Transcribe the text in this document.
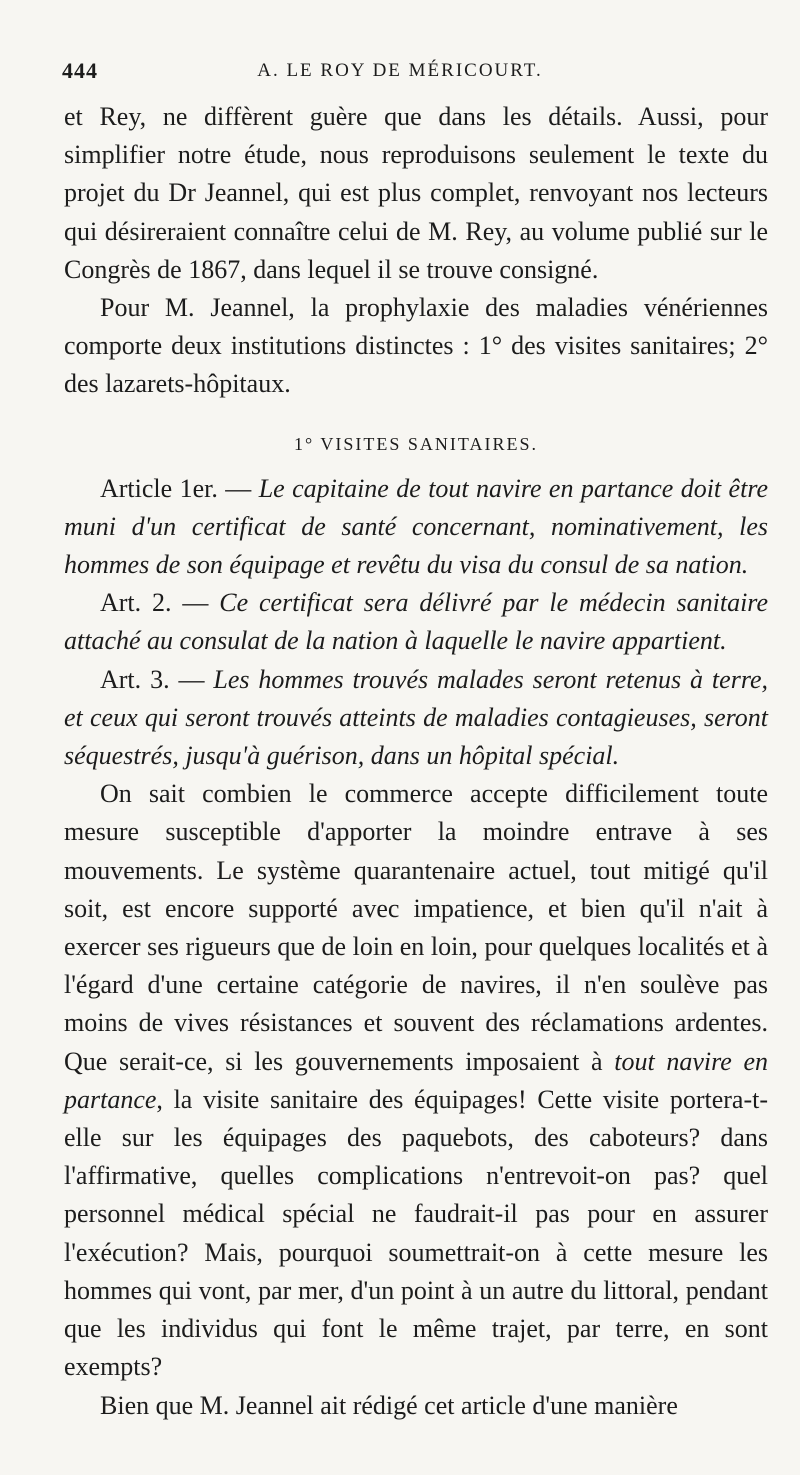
444	A. LE ROY DE MÉRICOURT.

et Rey, ne diffèrent guère que dans les détails. Aussi, pour simplifier notre étude, nous reproduisons seulement le texte du projet du Dr Jeannel, qui est plus complet, renvoyant nos lecteurs qui désireraient connaître celui de M. Rey, au volume publié sur le Congrès de 1867, dans lequel il se trouve consigné.

Pour M. Jeannel, la prophylaxie des maladies vénériennes comporte deux institutions distinctes : 1° des visites sanitaires; 2° des lazarets-hôpitaux.

1° VISITES SANITAIRES.

Article 1er. — Le capitaine de tout navire en partance doit être muni d'un certificat de santé concernant, nominativement, les hommes de son équipage et revêtu du visa du consul de sa nation.

Art. 2. — Ce certificat sera délivré par le médecin sanitaire attaché au consulat de la nation à laquelle le navire appartient.

Art. 3. — Les hommes trouvés malades seront retenus à terre, et ceux qui seront trouvés atteints de maladies contagieuses, seront séquestrés, jusqu'à guérison, dans un hôpital spécial.

On sait combien le commerce accepte difficilement toute mesure susceptible d'apporter la moindre entrave à ses mouvements. Le système quarantenaire actuel, tout mitigé qu'il soit, est encore supporté avec impatience, et bien qu'il n'ait à exercer ses rigueurs que de loin en loin, pour quelques localités et à l'égard d'une certaine catégorie de navires, il n'en soulève pas moins de vives résistances et souvent des réclamations ardentes. Que serait-ce, si les gouvernements imposaient à tout navire en partance, la visite sanitaire des équipages! Cette visite portera-t-elle sur les équipages des paquebots, des caboteurs? dans l'affirmative, quelles complications n'entrevoit-on pas? quel personnel médical spécial ne faudrait-il pas pour en assurer l'exécution? Mais, pourquoi soumettrait-on à cette mesure les hommes qui vont, par mer, d'un point à un autre du littoral, pendant que les individus qui font le même trajet, par terre, en sont exempts?

Bien que M. Jeannel ait rédigé cet article d'une manière
